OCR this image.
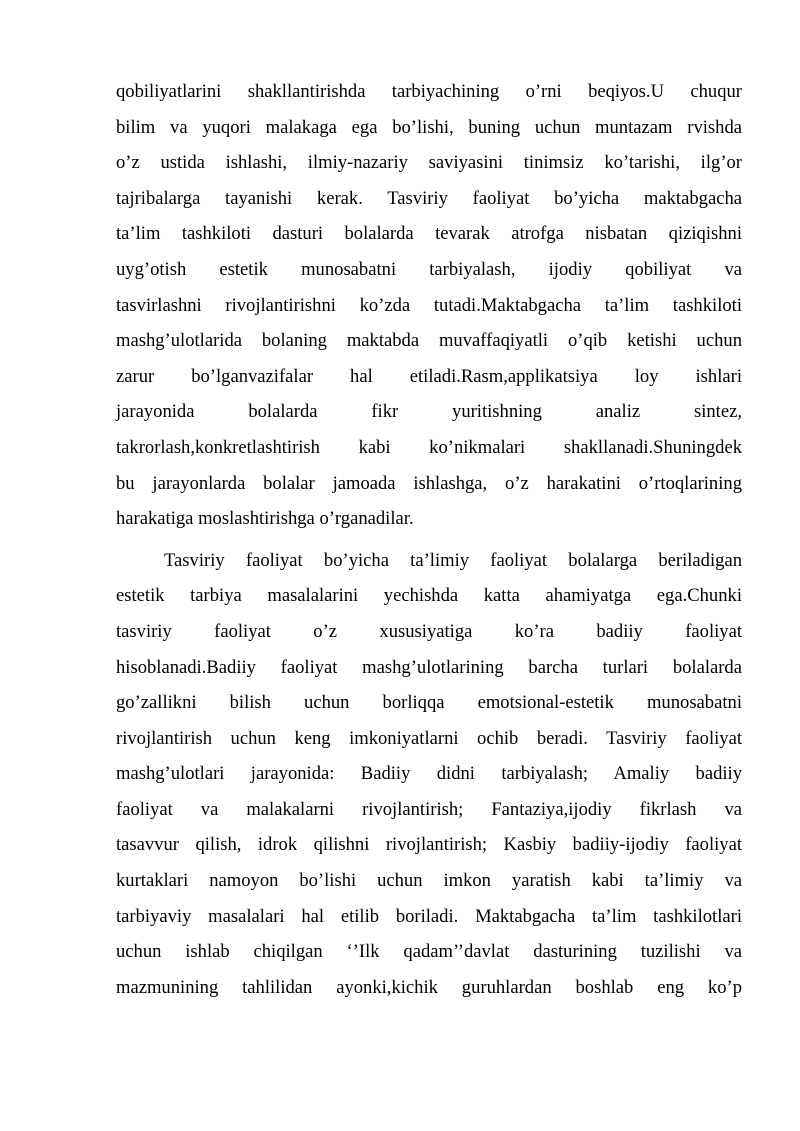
qobiliyatlarini shakllantirishda tarbiyachining o’rni beqiyos.U chuqur
bilim va yuqori malakaga ega bo’lishi, buning uchun muntazam rvishda
o’z ustida ishlashi, ilmiy-nazariy saviyasini tinimsiz ko’tarishi, ilg’or
tajribalarga tayanishi kerak. Tasviriy faoliyat bo’yicha maktabgacha
ta’lim tashkiloti dasturi bolalarda tevarak atrofga nisbatan qiziqishni
uyg’otish estetik munosabatni tarbiyalash, ijodiy qobiliyat va
tasvirlashni rivojlantirishni ko’zda tutadi.Maktabgacha ta’lim tashkiloti
mashg’ulotlarida bolaning maktabda muvaffaqiyatli o’qib ketishi uchun
zarur bo’lganvazifalar hal etiladi.Rasm,applikatsiya loy ishlari
jarayonida bolalarda fikr yuritishning analiz sintez,
takrorlash,konkretlashtirish kabi ko’nikmalari shakllanadi.Shuningdek
bu jarayonlarda bolalar jamoada ishlashga, o’z harakatini o’rtoqlarining
harakatiga moslashtirishga o’rganadilar.
Tasviriy faoliyat bo’yicha ta’limiy faoliyat bolalarga beriladigan
estetik tarbiya masalalarini yechishda katta ahamiyatga ega.Chunki
tasviriy faoliyat o’z xususiyatiga ko’ra badiiy faoliyat
hisoblanadi.Badiiy faoliyat mashg’ulotlarining barcha turlari bolalarda
go’zallikni bilish uchun borliqqa emotsional-estetik munosabatni
rivojlantirish uchun keng imkoniyatlarni ochib beradi. Tasviriy faoliyat
mashg’ulotlari jarayonida: Badiiy didni tarbiyalash; Amaliy badiiy
faoliyat va malakalarni rivojlantirish; Fantaziya,ijodiy fikrlash va
tasavvur qilish, idrok qilishni rivojlantirish; Kasbiy badiiy-ijodiy faoliyat
kurtaklari namoyon bo’lishi uchun imkon yaratish kabi ta’limiy va
tarbiyaviy masalalari hal etilib boriladi. Maktabgacha ta’lim tashkilotlari
uchun ishlab chiqilgan ‘’Ilk qadam’’davlat dasturining tuzilishi va
mazmunining tahlilidan ayonki,kichik guruhlardan boshlab eng ko’p
